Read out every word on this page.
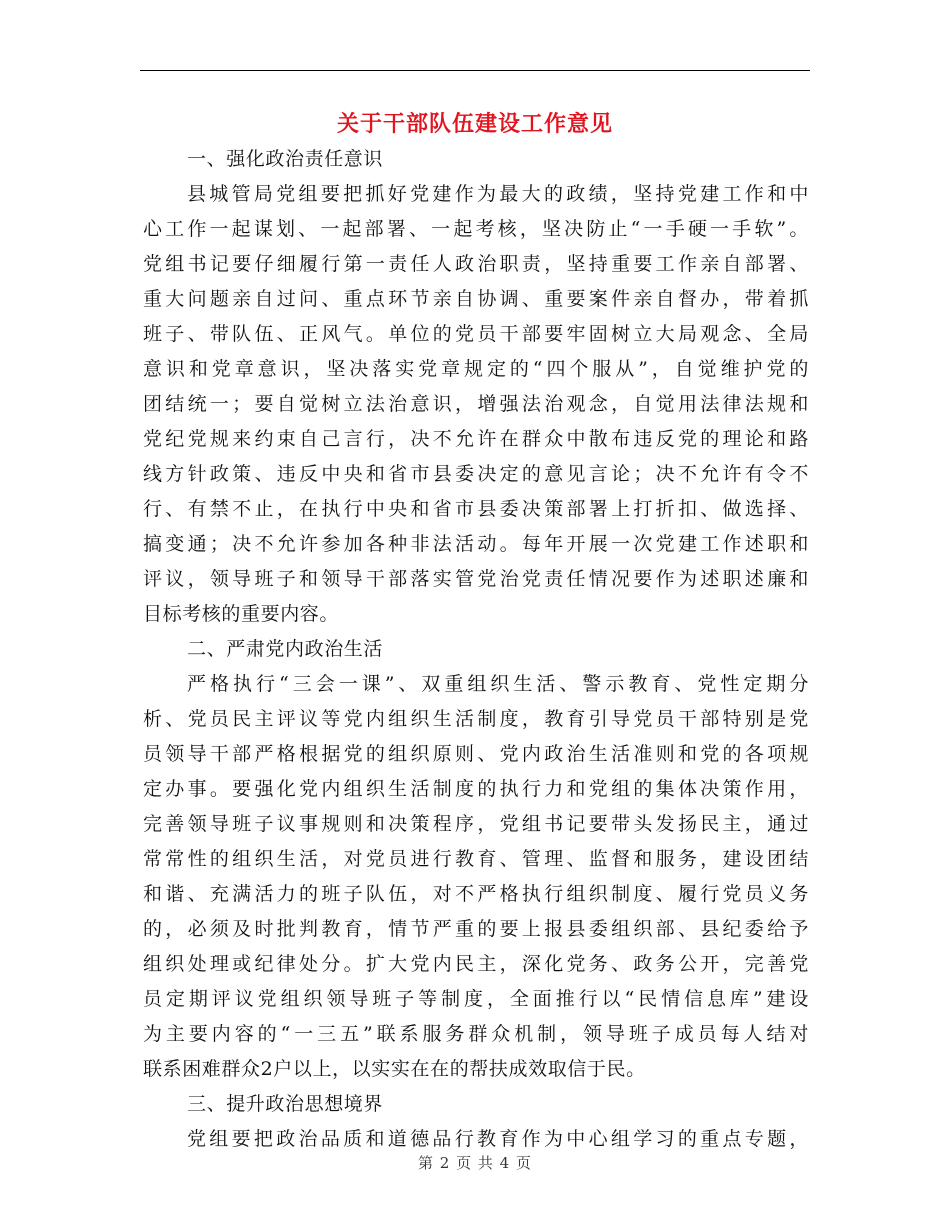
关于干部队伍建设工作意见
一、强化政治责任意识
县城管局党组要把抓好党建作为最大的政绩，坚持党建工作和中
心工作一起谋划、一起部署、一起考核，坚决防止“一手硬一手软”。
党组书记要仔细履行第一责任人政治职责，坚持重要工作亲自部署、
重大问题亲自过问、重点环节亲自协调、重要案件亲自督办，带着抓
班子、带队伍、正风气。单位的党员干部要牢固树立大局观念、全局
意识和党章意识，坚决落实党章规定的“四个服从”，自觉维护党的
团结统一；要自觉树立法治意识，增强法治观念，自觉用法律法规和
党纪党规来约束自己言行，决不允许在群众中散布违反党的理论和路
线方针政策、违反中央和省市县委决定的意见言论；决不允许有令不
行、有禁不止，在执行中央和省市县委决策部署上打折扣、做选择、
搞变通；决不允许参加各种非法活动。每年开展一次党建工作述职和
评议，领导班子和领导干部落实管党治党责任情况要作为述职述廉和
目标考核的重要内容。
二、严肃党内政治生活
严格执行“三会一课”、双重组织生活、警示教育、党性定期分
析、党员民主评议等党内组织生活制度，教育引导党员干部特别是党
员领导干部严格根据党的组织原则、党内政治生活准则和党的各项规
定办事。要强化党内组织生活制度的执行力和党组的集体决策作用，
完善领导班子议事规则和决策程序，党组书记要带头发扬民主，通过
常常性的组织生活，对党员进行教育、管理、监督和服务，建设团结
和谐、充满活力的班子队伍，对不严格执行组织制度、履行党员义务
的，必须及时批判教育，情节严重的要上报县委组织部、县纪委给予
组织处理或纪律处分。扩大党内民主，深化党务、政务公开，完善党
员定期评议党组织领导班子等制度，全面推行以“民情信息库”建设
为主要内容的“一三五”联系服务群众机制，领导班子成员每人结对
联系困难群众2户以上，以实实在在的帮扶成效取信于民。
三、提升政治思想境界
党组要把政治品质和道德品行教育作为中心组学习的重点专题，
第 2 页 共 4 页
